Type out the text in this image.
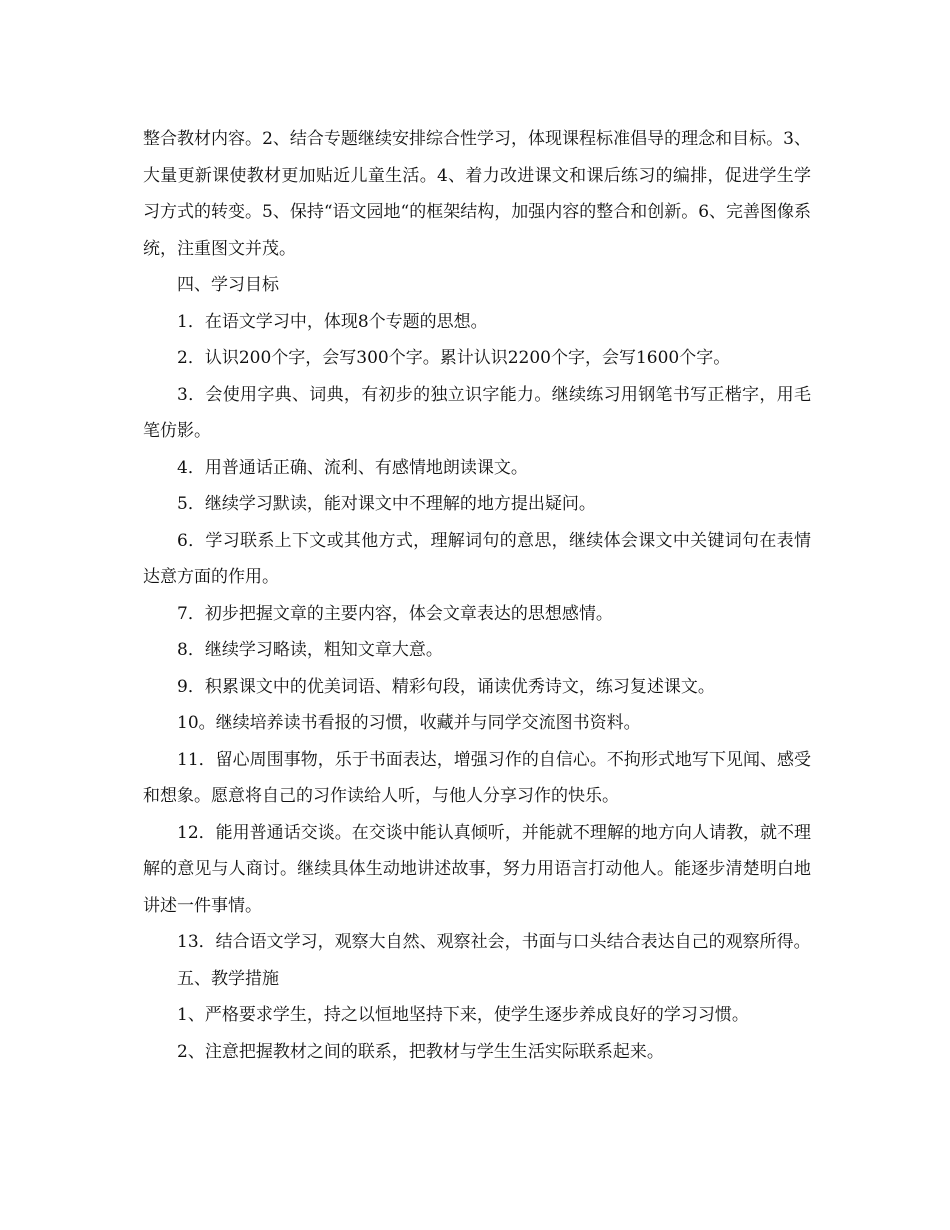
整合教材内容。2、结合专题继续安排综合性学习，体现课程标准倡导的理念和目标。3、大量更新课使教材更加贴近儿童生活。4、着力改进课文和课后练习的编排，促进学生学习方式的转变。5、保持“语文园地“的框架结构，加强内容的整合和创新。6、完善图像系统，注重图文并茂。

四、学习目标

1．在语文学习中，体现8个专题的思想。

2．认识200个字，会写300个字。累计认识2200个字，会写1600个字。

3．会使用字典、词典，有初步的独立识字能力。继续练习用钢笔书写正楷字，用毛笔仿影。

4．用普通话正确、流利、有感情地朗读课文。

5．继续学习默读，能对课文中不理解的地方提出疑问。

6．学习联系上下文或其他方式，理解词句的意思，继续体会课文中关键词句在表情达意方面的作用。

7．初步把握文章的主要内容，体会文章表达的思想感情。

8．继续学习略读，粗知文章大意。

9．积累课文中的优美词语、精彩句段，诵读优秀诗文，练习复述课文。

10。继续培养读书看报的习惯，收藏并与同学交流图书资料。

11．留心周围事物，乐于书面表达，增强习作的自信心。不拘形式地写下见闻、感受和想象。愿意将自己的习作读给人听，与他人分享习作的快乐。

12．能用普通话交谈。在交谈中能认真倾听，并能就不理解的地方向人请教，就不理解的意见与人商讨。继续具体生动地讲述故事，努力用语言打动他人。能逐步清楚明白地讲述一件事情。

13．结合语文学习，观察大自然、观察社会，书面与口头结合表达自己的观察所得。

五、教学措施

1、严格要求学生，持之以恒地坚持下来，使学生逐步养成良好的学习习惯。

2、注意把握教材之间的联系，把教材与学生生活实际联系起来。
